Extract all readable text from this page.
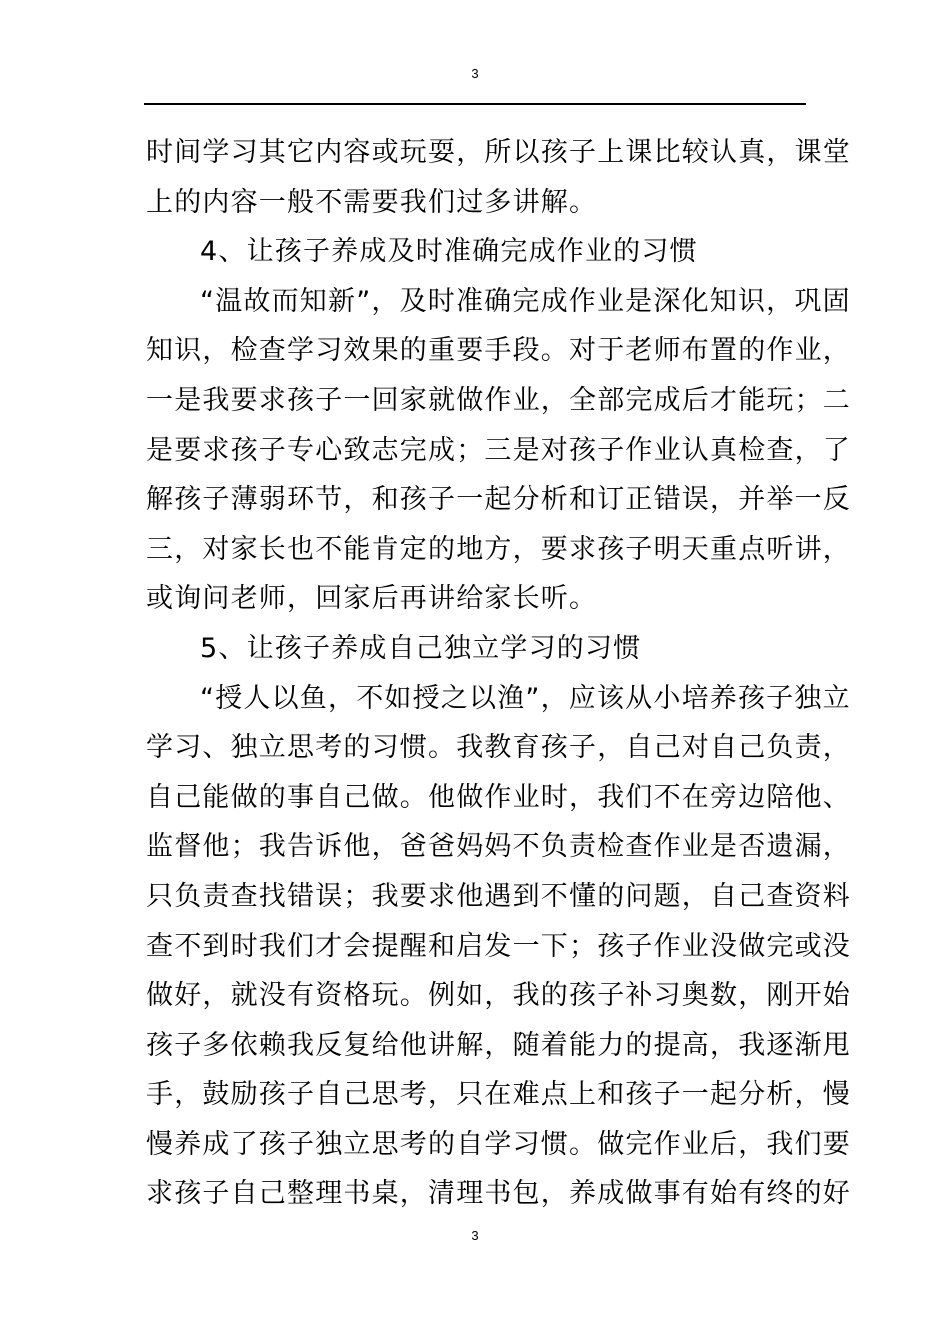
3
时间学习其它内容或玩耍，所以孩子上课比较认真，课堂
上的内容一般不需要我们过多讲解。
4、让孩子养成及时准确完成作业的习惯
“温故而知新”，及时准确完成作业是深化知识，巩固
知识，检查学习效果的重要手段。对于老师布置的作业，
一是我要求孩子一回家就做作业，全部完成后才能玩；二
是要求孩子专心致志完成；三是对孩子作业认真检查，了
解孩子薄弱环节，和孩子一起分析和订正错误，并举一反
三，对家长也不能肯定的地方，要求孩子明天重点听讲，
或询问老师，回家后再讲给家长听。
5、让孩子养成自己独立学习的习惯
“授人以鱼，不如授之以渔”，应该从小培养孩子独立
学习、独立思考的习惯。我教育孩子，自己对自己负责，
自己能做的事自己做。他做作业时，我们不在旁边陪他、
监督他；我告诉他，爸爸妈妈不负责检查作业是否遗漏，
只负责查找错误；我要求他遇到不懂的问题，自己查资料
查不到时我们才会提醒和启发一下；孩子作业没做完或没
做好，就没有资格玩。例如，我的孩子补习奥数，刚开始
孩子多依赖我反复给他讲解，随着能力的提高，我逐渐甩
手，鼓励孩子自己思考，只在难点上和孩子一起分析，慢
慢养成了孩子独立思考的自学习惯。做完作业后，我们要
求孩子自己整理书桌，清理书包，养成做事有始有终的好
3
